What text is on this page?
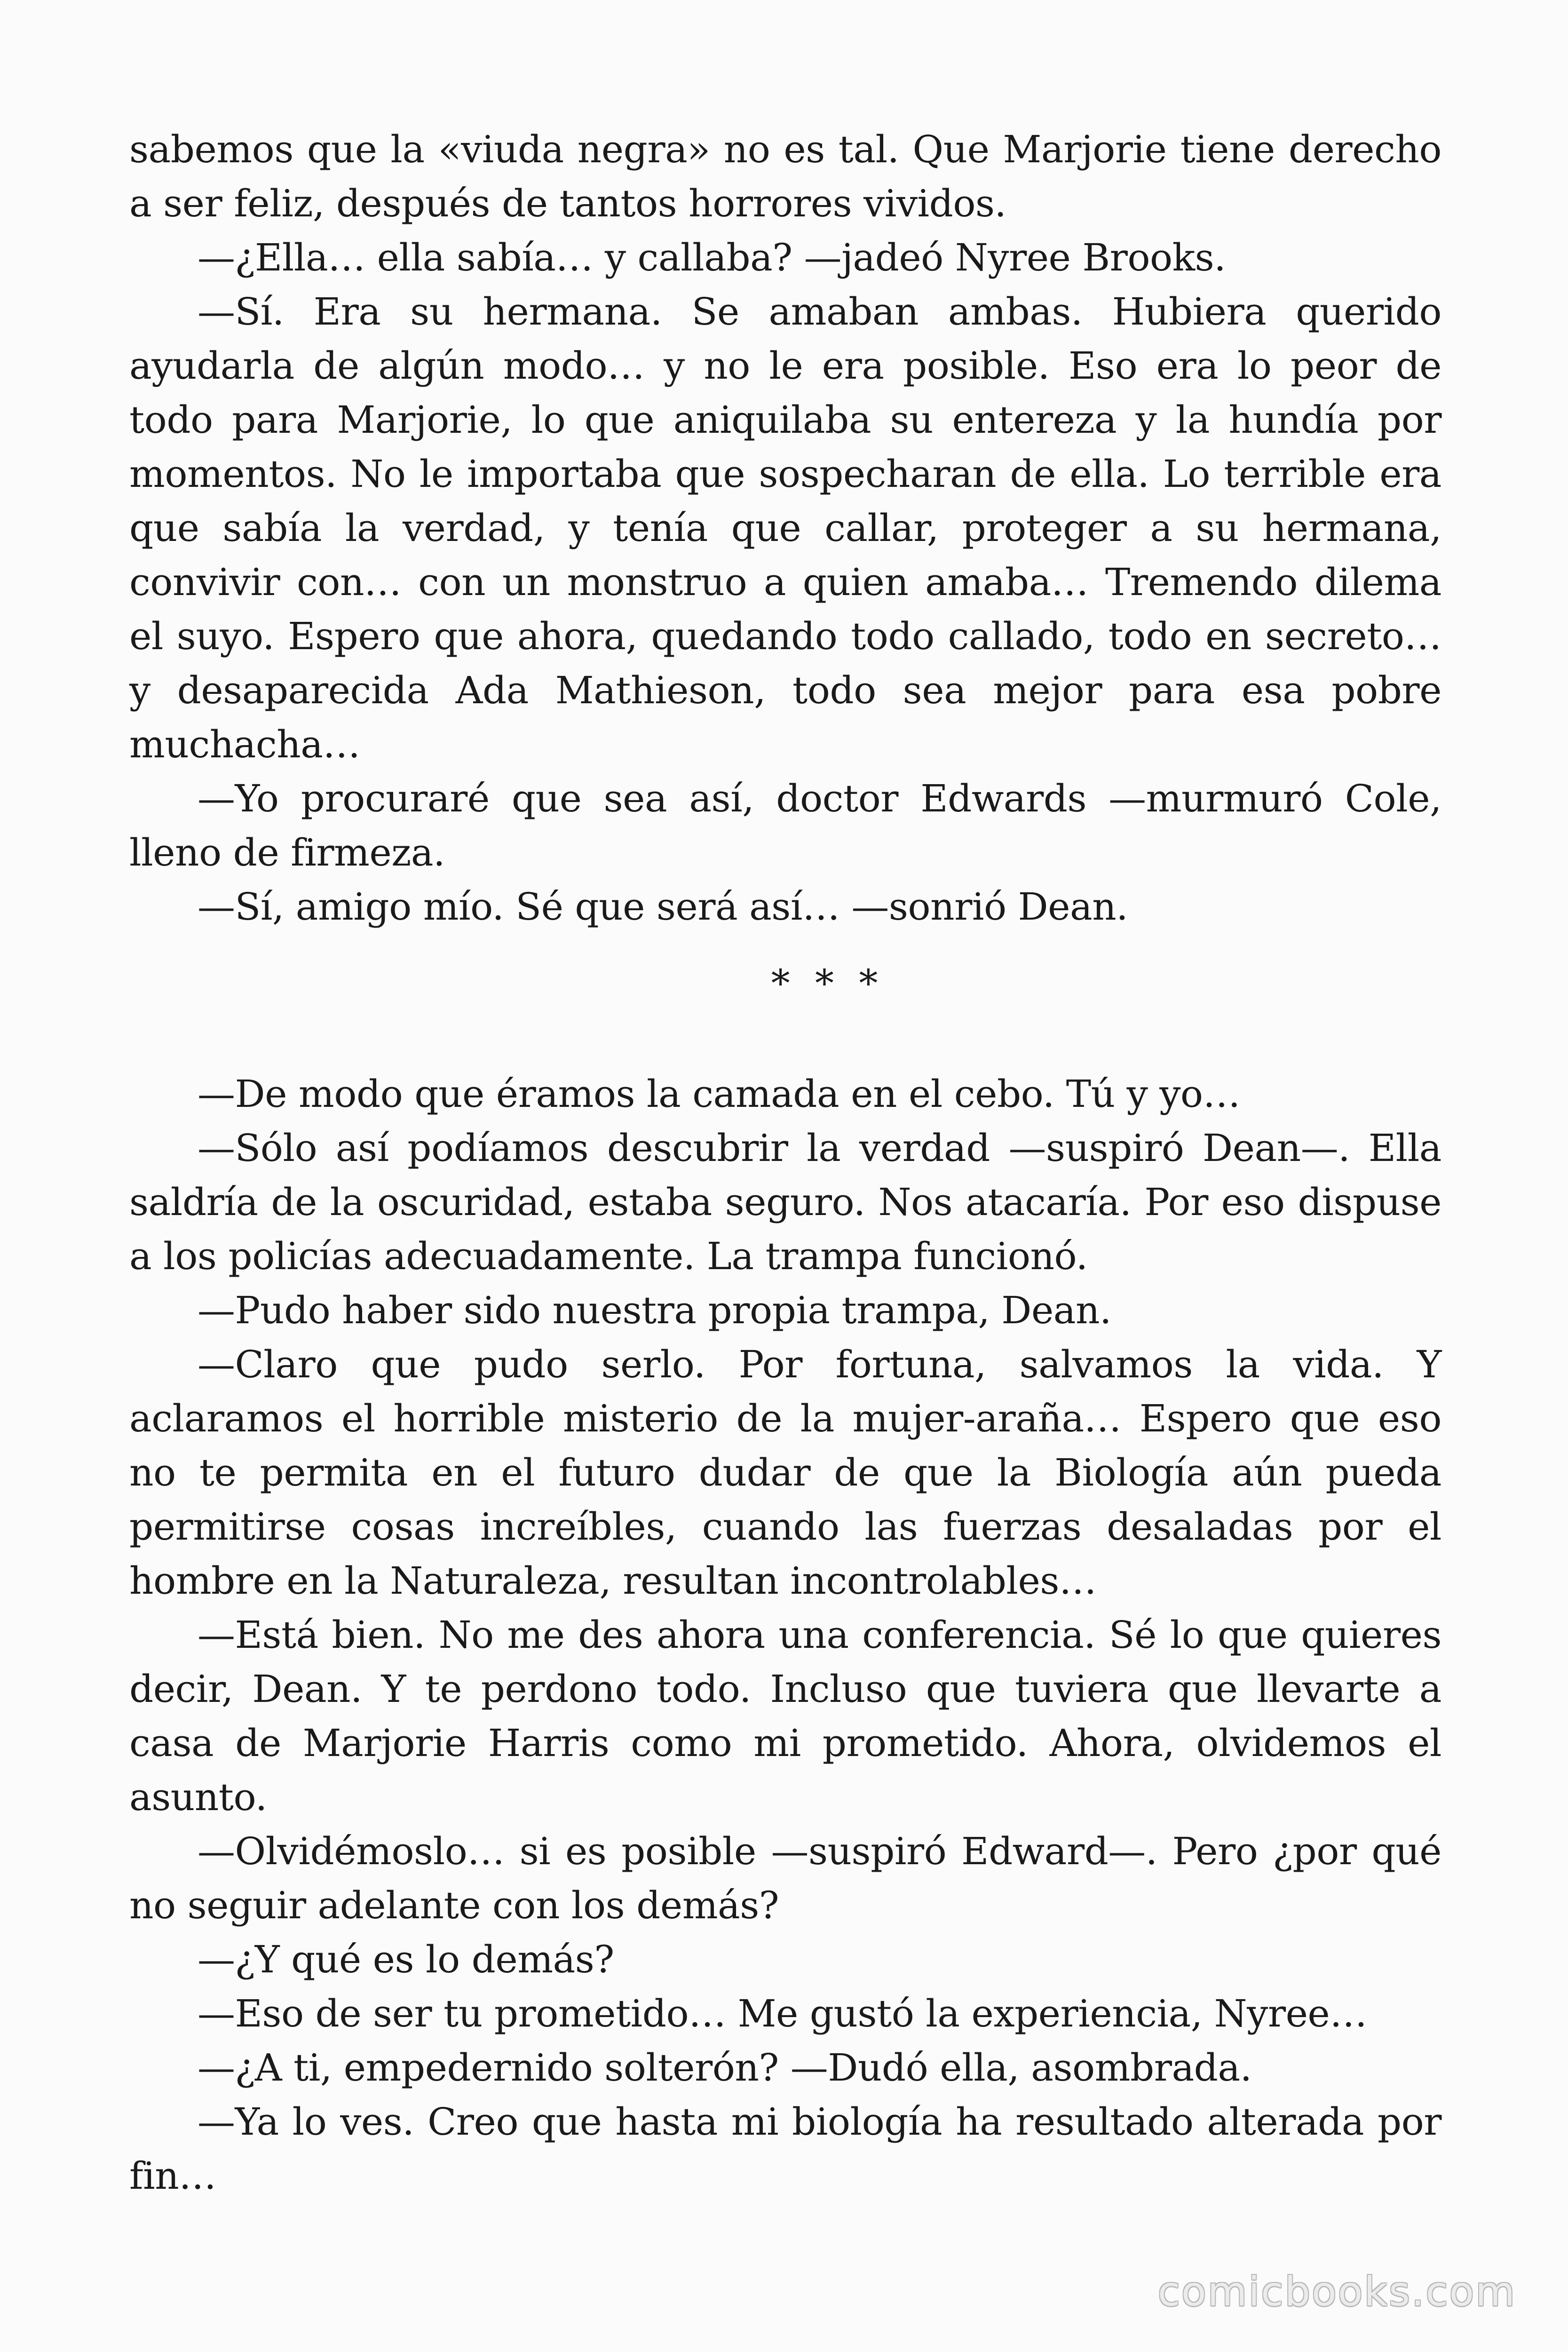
sabemos que la «viuda negra» no es tal. Que Marjorie tiene derecho a ser feliz, después de tantos horrores vividos.

—¿Ella… ella sabía… y callaba? —jadeó Nyree Brooks.

—Sí. Era su hermana. Se amaban ambas. Hubiera querido ayudarla de algún modo… y no le era posible. Eso era lo peor de todo para Marjorie, lo que aniquilaba su entereza y la hundía por momentos. No le importaba que sospecharan de ella. Lo terrible era que sabía la verdad, y tenía que callar, proteger a su hermana, convivir con… con un monstruo a quien amaba… Tremendo dilema el suyo. Espero que ahora, quedando todo callado, todo en secreto… y desaparecida Ada Mathieson, todo sea mejor para esa pobre muchacha…

—Yo procuraré que sea así, doctor Edwards —murmuró Cole, lleno de firmeza.

—Sí, amigo mío. Sé que será así… —sonrió Dean.

* * *

—De modo que éramos la camada en el cebo. Tú y yo…

—Sólo así podíamos descubrir la verdad —suspiró Dean—. Ella saldría de la oscuridad, estaba seguro. Nos atacaría. Por eso dispuse a los policías adecuadamente. La trampa funcionó.

—Pudo haber sido nuestra propia trampa, Dean.

—Claro que pudo serlo. Por fortuna, salvamos la vida. Y aclaramos el horrible misterio de la mujer-araña… Espero que eso no te permita en el futuro dudar de que la Biología aún pueda permitirse cosas increíbles, cuando las fuerzas desaladas por el hombre en la Naturaleza, resultan incontrolables…

—Está bien. No me des ahora una conferencia. Sé lo que quieres decir, Dean. Y te perdono todo. Incluso que tuviera que llevarte a casa de Marjorie Harris como mi prometido. Ahora, olvidemos el asunto.

—Olvidémoslo… si es posible —suspiró Edward—. Pero ¿por qué no seguir adelante con los demás?

—¿Y qué es lo demás?

—Eso de ser tu prometido… Me gustó la experiencia, Nyree…

—¿A ti, empedernido solterón? —Dudó ella, asombrada.

—Ya lo ves. Creo que hasta mi biología ha resultado alterada por fin…

comicbooks.com
